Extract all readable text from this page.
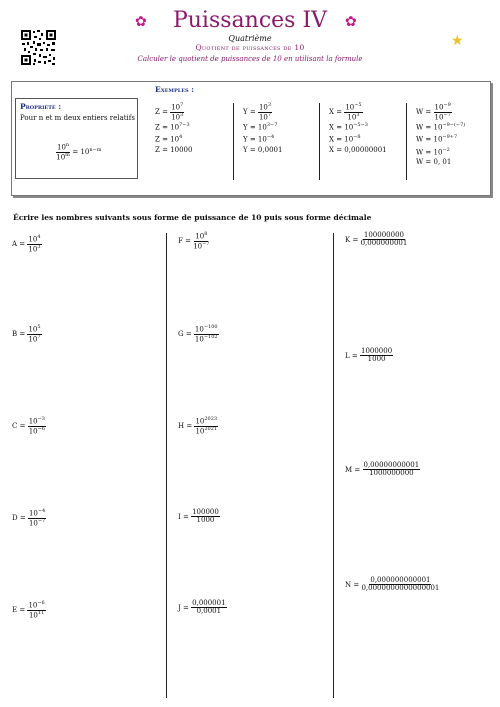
✿	✿
★
Puissances IV
Quatrième
Quotient de puissances de 10
Calculer le quotient de puissances de 10 en utilisant la formule
Exemples :
Propriété :
Pour n et m deux entiers relatifs
$\frac{10^n}{10^m} = 10^{n-m}$
$Z = \frac{10^7}{10^3}$
$Z = 10^{7-3}$
$Z = 10^4$
Z = 10000
$Y = \frac{10^3}{10^7}$
$Y = 10^{3-7}$
$Y = 10^{-4}$
Y = 0,0001
$X = \frac{10^{-5}}{10^3}$
$X = 10^{-5-3}$
$X = 10^{-8}$
X = 0,00000001
$W = \frac{10^{-9}}{10^{-7}}$
$W = 10^{-9-(-7)}$
$W = 10^{-9+7}$
$W = 10^{-2}$
W = 0, 01
Écrire les nombres suivants sous forme de puissance de 10 puis sous forme décimale
$A = \frac{10^4}{10^3}$
$B = \frac{10^5}{10^7}$
$C = \frac{10^{-3}}{10^{-6}}$
$D = \frac{10^{-4}}{10^{-7}}$
$E = \frac{10^{-6}}{10^{11}}$
$F = \frac{10^8}{10^{-7}}$
$G = \frac{10^{-100}}{10^{-102}}$
$H = \frac{10^{2023}}{10^{2021}}$
$I = \frac{100000}{1000}$
$J = \frac{0,000001}{0,0001}$
$K = \frac{100000000}{0,000000001}$
$L = \frac{1000000}{1000}$
$M = \frac{0,00000000001}{1000000000}$
$N = \frac{0,000000000001}{0,0000000000000001}$
